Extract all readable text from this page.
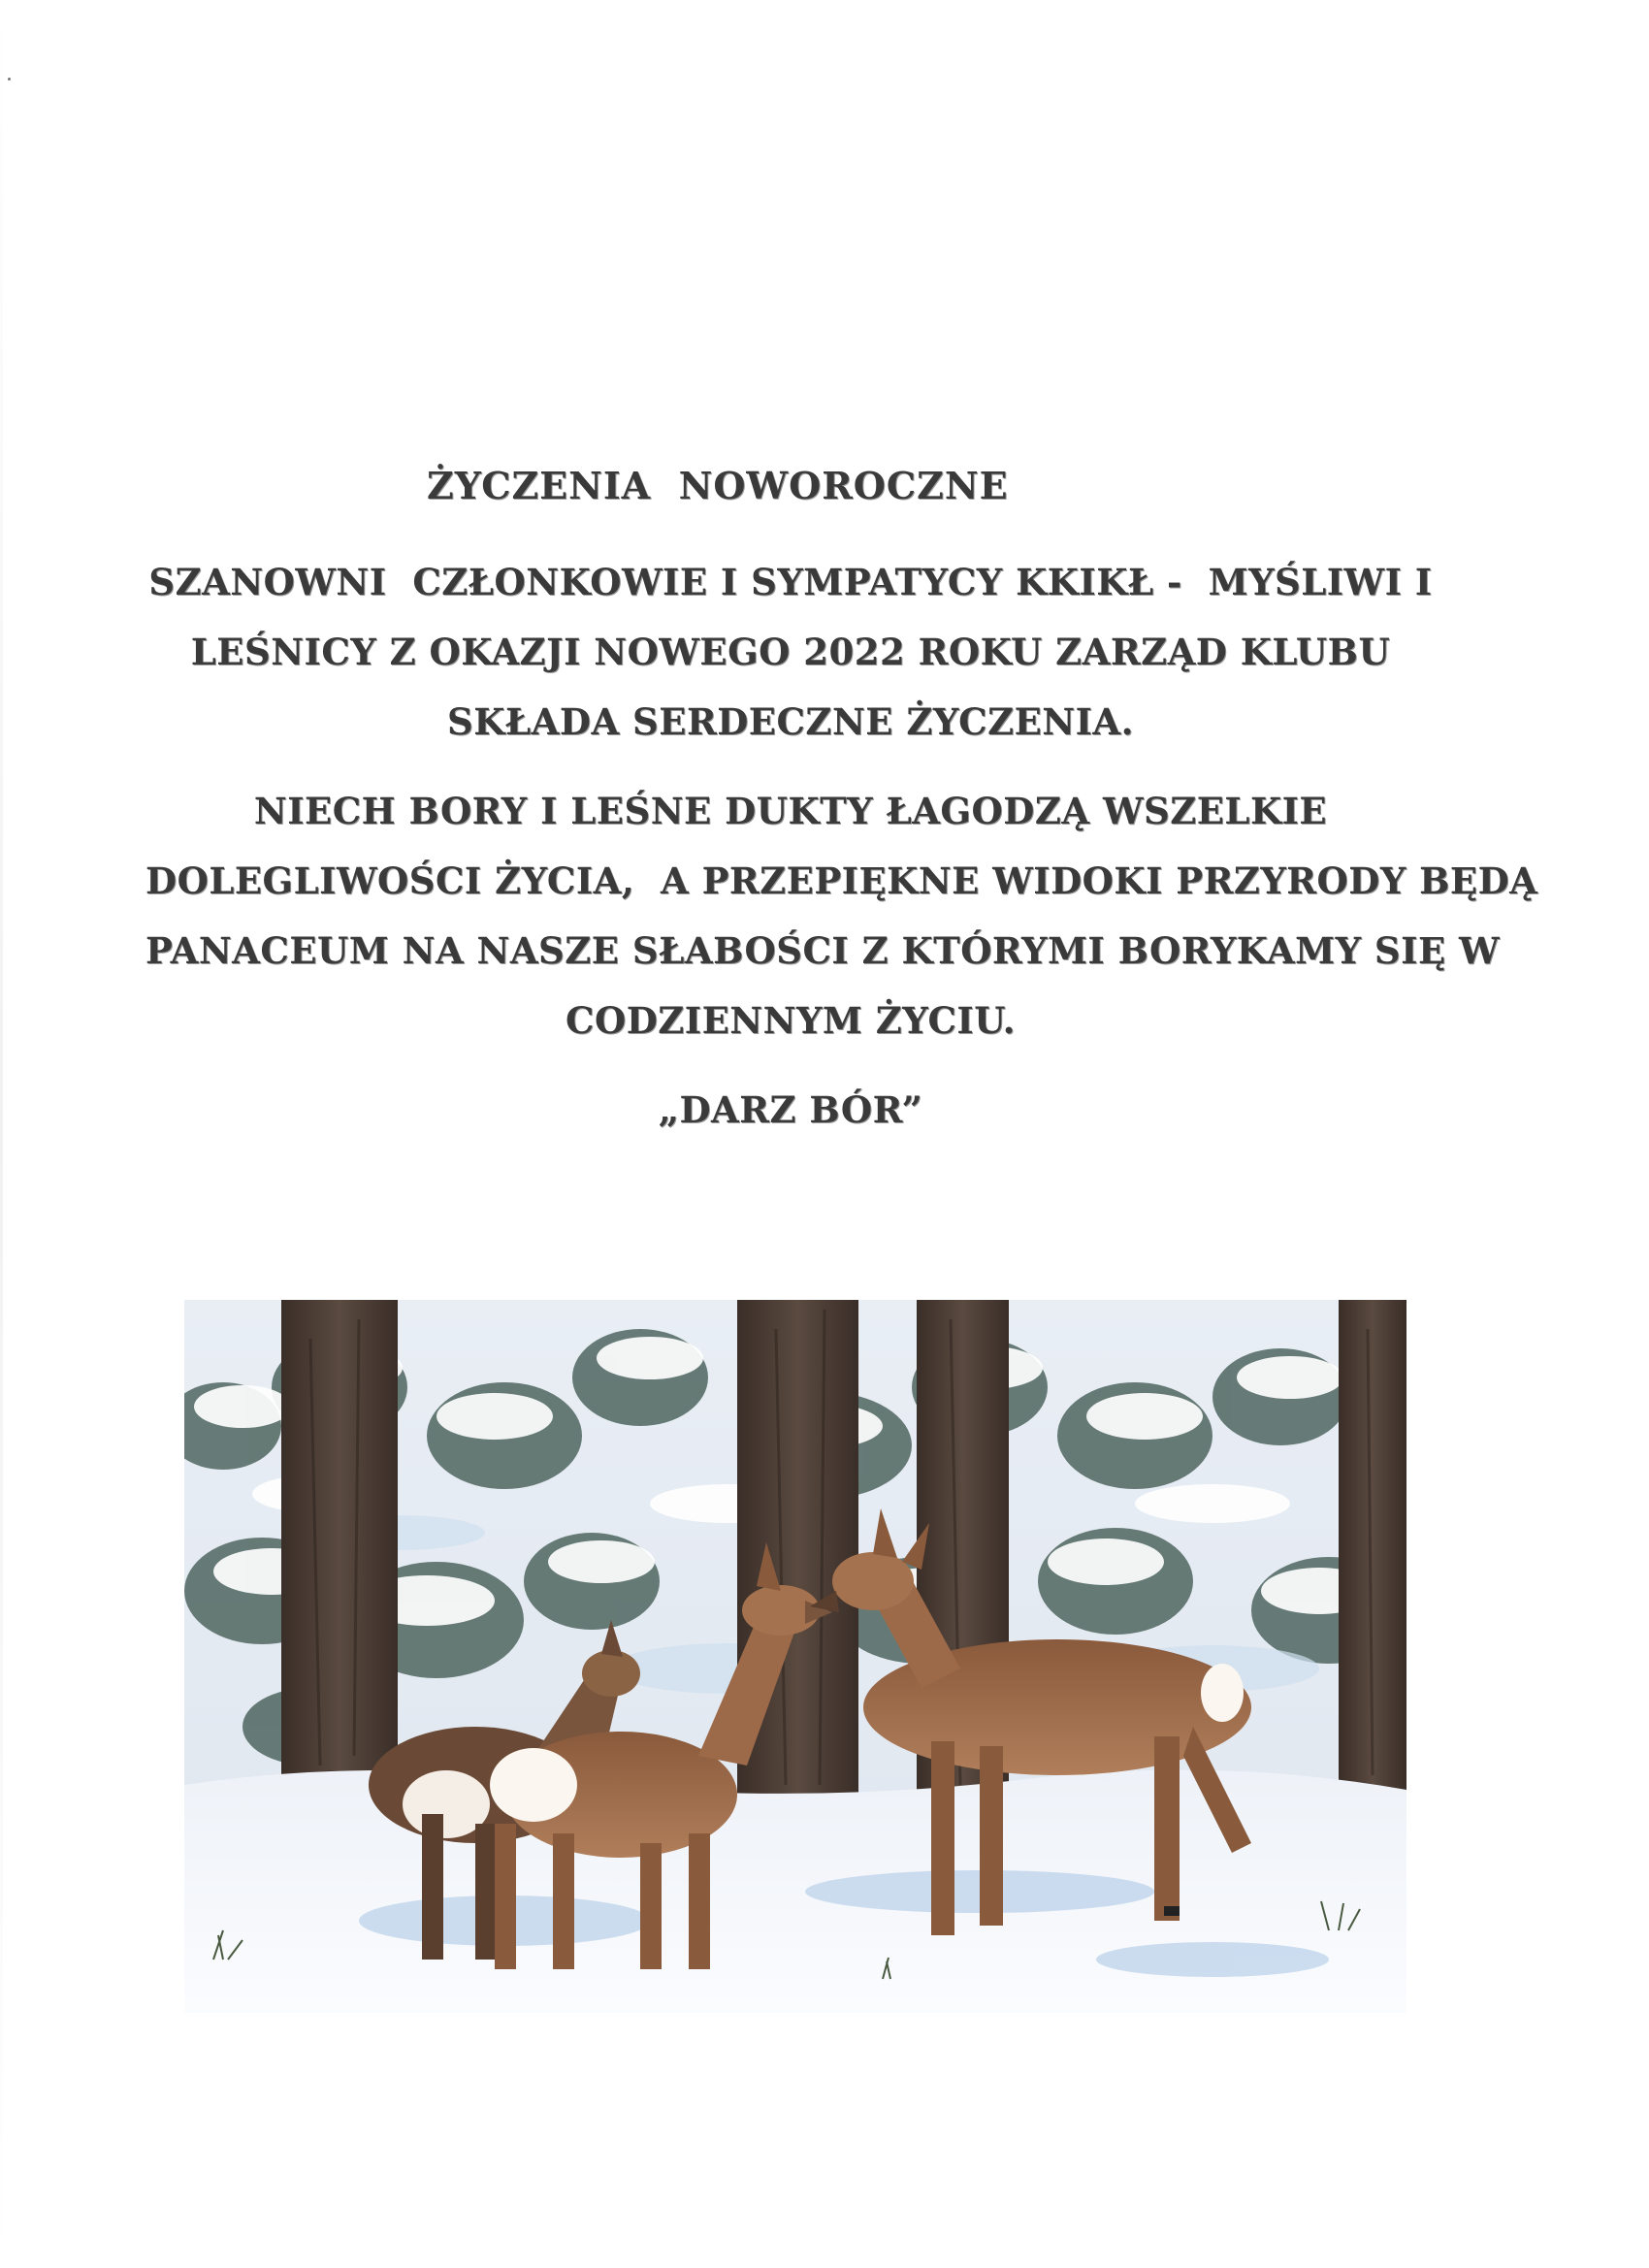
ŻYCZENIA  NOWOROCZNE
SZANOWNI  CZŁONKOWIE I SYMPATYCY KKIKŁ -  MYŚLIWI I
LEŚNICY Z OKAZJI NOWEGO 2022 ROKU ZARZĄD KLUBU
SKŁADA SERDECZNE ŻYCZENIA.
NIECH BORY I LEŚNE DUKTY ŁAGODZĄ WSZELKIE
DOLEGLIWOŚCI ŻYCIA,  A PRZEPIĘKNE WIDOKI PRZYRODY BĘDĄ
PANACEUM NA NASZE SŁABOŚCI Z KTÓRYMI BORYKAMY SIĘ W
CODZIENNYM ŻYCIU.
„DARZ BÓR”
